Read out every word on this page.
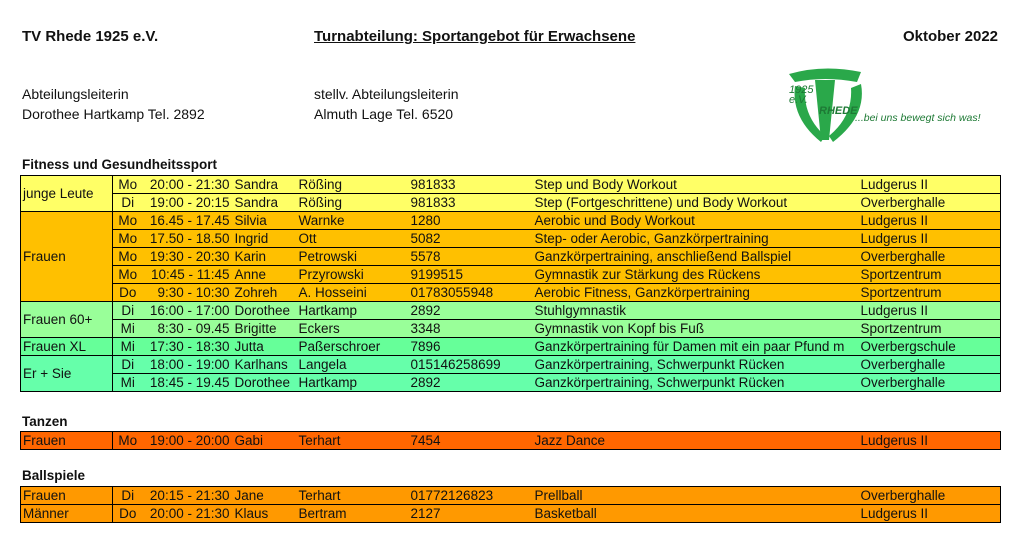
TV Rhede 1925 e.V.	Turnabteilung: Sportangebot für Erwachsene	Oktober 2022
Abteilungsleiterin
Dorothee Hartkamp Tel. 2892
stellv. Abteilungsleiterin
Almuth Lage Tel. 6520
1925
e.V.
RHEDE
...bei uns bewegt sich was!
Fitness und Gesundheitssport
Tanzen
Ballspiele
junge Leute	Mo	20:00 - 21:30	Sandra	Rößing	981833	Step und Body Workout	Ludgerus II
	Di	19:00 - 20:15	Sandra	Rößing	981833	Step (Fortgeschrittene) und Body Workout	Overberghalle
Frauen	Mo	16.45 - 17.45	Silvia	Warnke	1280	Aerobic und Body Workout	Ludgerus II
	Mo	17.50 - 18.50	Ingrid	Ott	5082	Step- oder Aerobic, Ganzkörpertraining	Ludgerus II
	Mo	19:30 - 20:30	Karin	Petrowski	5578	Ganzkörpertraining, anschließend Ballspiel	Overberghalle
	Mo	10:45 - 11:45	Anne	Przyrowski	9199515	Gymnastik zur Stärkung des Rückens	Sportzentrum
	Do	9:30 - 10:30	Zohreh	A. Hosseini	01783055948	Aerobic Fitness, Ganzkörpertraining	Sportzentrum
Frauen 60+	Di	16:00 - 17:00	Dorothee	Hartkamp	2892	Stuhlgymnastik	Ludgerus II
	Mi	8:30 - 09.45	Brigitte	Eckers	3348	Gymnastik von Kopf bis Fuß	Sportzentrum
Frauen XL	Mi	17:30 - 18:30	Jutta	Paßerschroer	7896	Ganzkörpertraining für Damen mit ein paar Pfund m	Overbergschule
Er + Sie	Di	18:00 - 19:00	Karlhans	Langela	015146258699	Ganzkörpertraining, Schwerpunkt Rücken	Overberghalle
	Mi	18:45 - 19.45	Dorothee	Hartkamp	2892	Ganzkörpertraining, Schwerpunkt Rücken	Overberghalle
Frauen	Mo	19:00 - 20:00	Gabi	Terhart	7454	Jazz Dance	Ludgerus II
Frauen	Di	20:15 - 21:30	Jane	Terhart	01772126823	Prellball	Overberghalle
Männer	Do	20:00 - 21:30	Klaus	Bertram	2127	Basketball	Ludgerus II
